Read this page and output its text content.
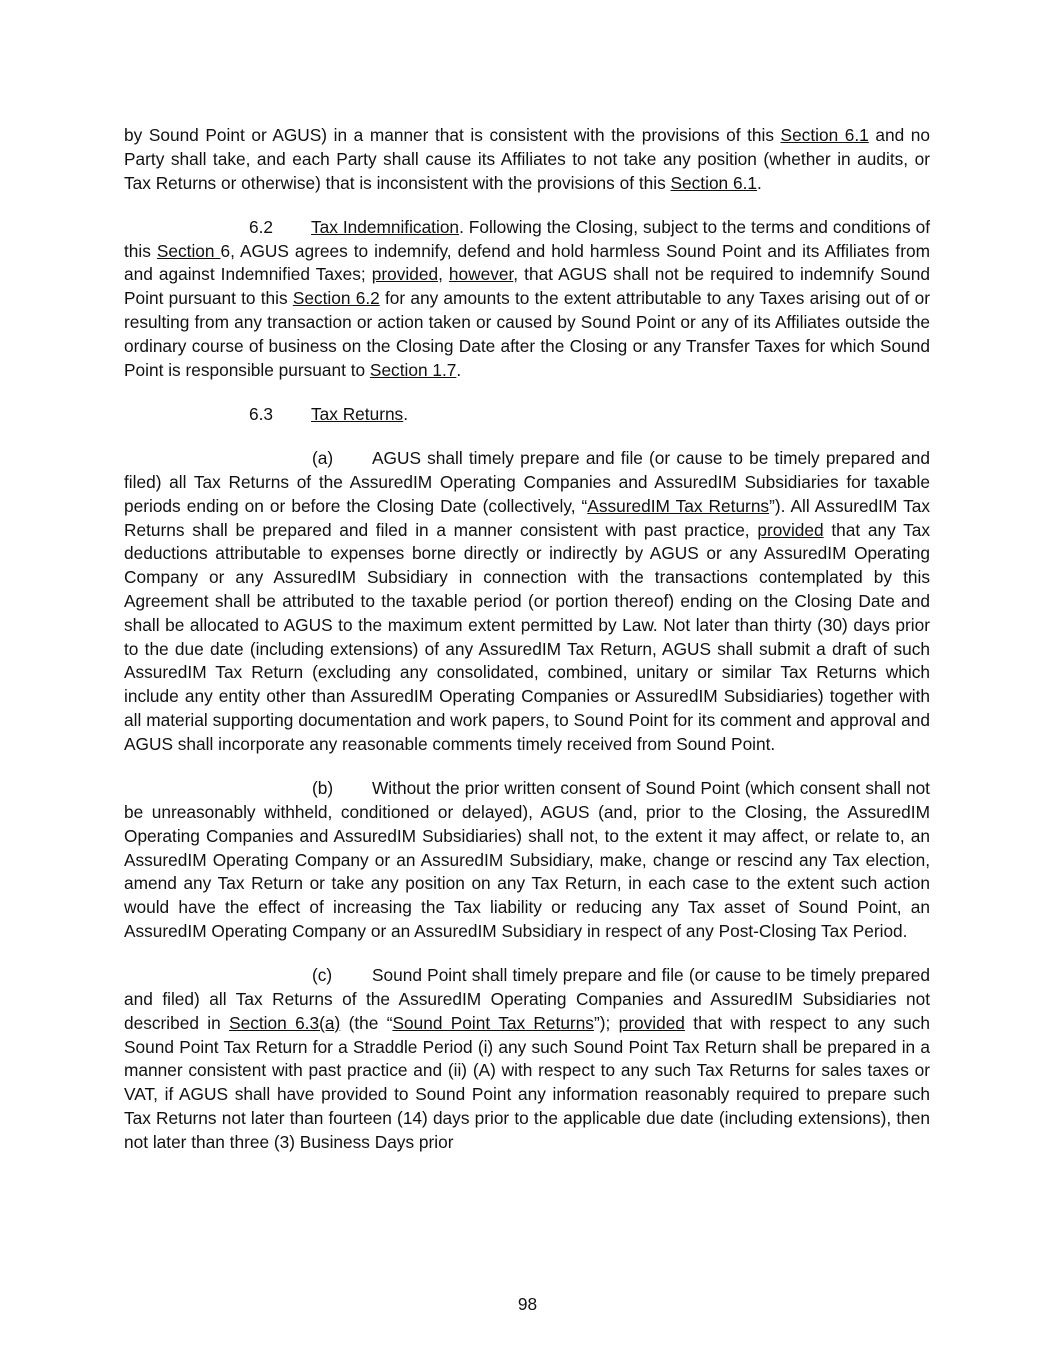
by Sound Point or AGUS) in a manner that is consistent with the provisions of this Section 6.1 and no Party shall take, and each Party shall cause its Affiliates to not take any position (whether in audits, or Tax Returns or otherwise) that is inconsistent with the provisions of this Section 6.1.

6.2 Tax Indemnification. Following the Closing, subject to the terms and conditions of this Section 6, AGUS agrees to indemnify, defend and hold harmless Sound Point and its Affiliates from and against Indemnified Taxes; provided, however, that AGUS shall not be required to indemnify Sound Point pursuant to this Section 6.2 for any amounts to the extent attributable to any Taxes arising out of or resulting from any transaction or action taken or caused by Sound Point or any of its Affiliates outside the ordinary course of business on the Closing Date after the Closing or any Transfer Taxes for which Sound Point is responsible pursuant to Section 1.7.

6.3 Tax Returns.

(a) AGUS shall timely prepare and file (or cause to be timely prepared and filed) all Tax Returns of the AssuredIM Operating Companies and AssuredIM Subsidiaries for taxable periods ending on or before the Closing Date (collectively, “AssuredIM Tax Returns”). All AssuredIM Tax Returns shall be prepared and filed in a manner consistent with past practice, provided that any Tax deductions attributable to expenses borne directly or indirectly by AGUS or any AssuredIM Operating Company or any AssuredIM Subsidiary in connection with the transactions contemplated by this Agreement shall be attributed to the taxable period (or portion thereof) ending on the Closing Date and shall be allocated to AGUS to the maximum extent permitted by Law. Not later than thirty (30) days prior to the due date (including extensions) of any AssuredIM Tax Return, AGUS shall submit a draft of such AssuredIM Tax Return (excluding any consolidated, combined, unitary or similar Tax Returns which include any entity other than AssuredIM Operating Companies or AssuredIM Subsidiaries) together with all material supporting documentation and work papers, to Sound Point for its comment and approval and AGUS shall incorporate any reasonable comments timely received from Sound Point.

(b) Without the prior written consent of Sound Point (which consent shall not be unreasonably withheld, conditioned or delayed), AGUS (and, prior to the Closing, the AssuredIM Operating Companies and AssuredIM Subsidiaries) shall not, to the extent it may affect, or relate to, an AssuredIM Operating Company or an AssuredIM Subsidiary, make, change or rescind any Tax election, amend any Tax Return or take any position on any Tax Return, in each case to the extent such action would have the effect of increasing the Tax liability or reducing any Tax asset of Sound Point, an AssuredIM Operating Company or an AssuredIM Subsidiary in respect of any Post-Closing Tax Period.

(c) Sound Point shall timely prepare and file (or cause to be timely prepared and filed) all Tax Returns of the AssuredIM Operating Companies and AssuredIM Subsidiaries not described in Section 6.3(a) (the “Sound Point Tax Returns”); provided that with respect to any such Sound Point Tax Return for a Straddle Period (i) any such Sound Point Tax Return shall be prepared in a manner consistent with past practice and (ii) (A) with respect to any such Tax Returns for sales taxes or VAT, if AGUS shall have provided to Sound Point any information reasonably required to prepare such Tax Returns not later than fourteen (14) days prior to the applicable due date (including extensions), then not later than three (3) Business Days prior

98
